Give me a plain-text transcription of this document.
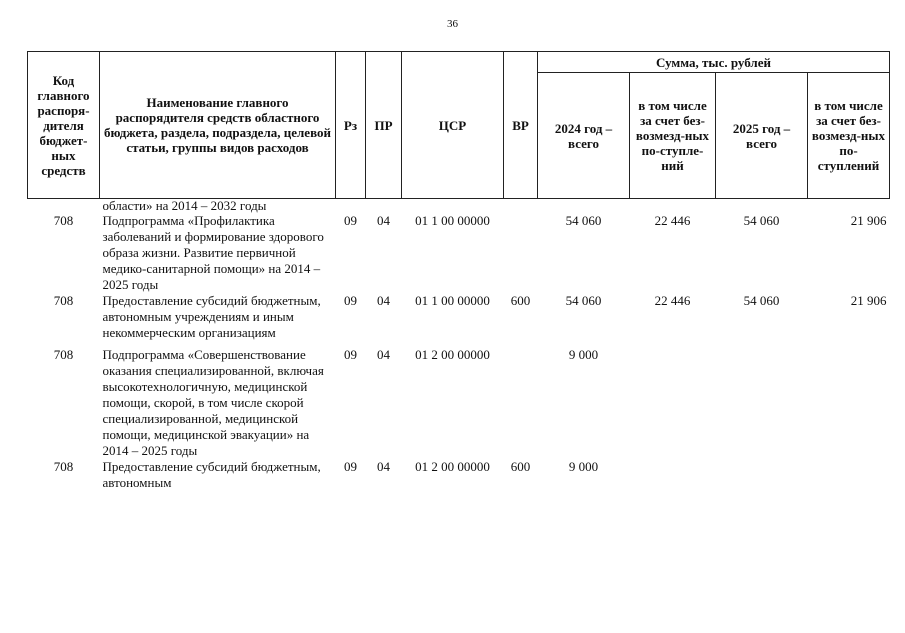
36
Код главного распоря-дителя бюджет-ных средств	Наименование главного распорядителя средств областного бюджета, раздела, подраздела, целевой статьи, группы видов расходов	Рз	ПР	ЦСР	ВР	Сумма, тыс. рублей			
						2024 год – всего	в том числе за счет без-возмезд-ных по-ступле-ний	2025 год – всего	в том числе за счет без-возмезд-ных по-ступлений
	области» на 2014 – 2032 годы								
708	Подпрограмма «Профилактика заболеваний и формирование здорового образа жизни. Развитие первичной медико-санитарной помощи» на 2014 – 2025 годы	09	04	01 1 00 00000		54 060	22 446	54 060	21 906
708	Предоставление субсидий бюджетным, автономным учреждениям и иным некоммерческим организациям	09	04	01 1 00 00000	600	54 060	22 446	54 060	21 906

708	Подпрограмма «Совершенствование оказания специализированной, включая высокотехнологичную, медицинской помощи, скорой, в том числе скорой специализированной, медицинской помощи, медицинской эвакуации» на 2014 – 2025 годы	09	04	01 2 00 00000		9 000			
708	Предоставление субсидий бюджетным, автономным	09	04	01 2 00 00000	600	9 000			
